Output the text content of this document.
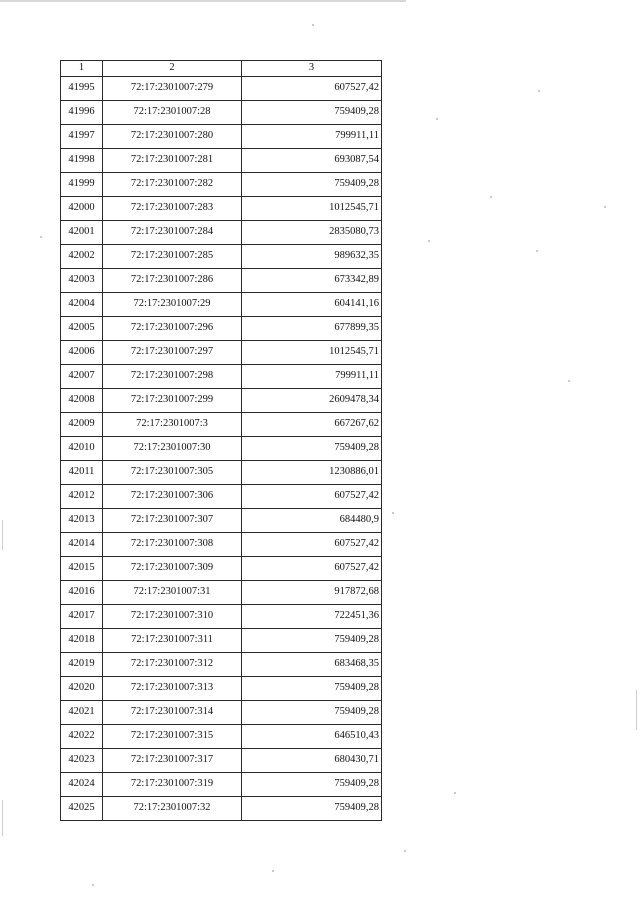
1	2	3
41995	72:17:2301007:279	607527,42
41996	72:17:2301007:28	759409,28
41997	72:17:2301007:280	799911,11
41998	72:17:2301007:281	693087,54
41999	72:17:2301007:282	759409,28
42000	72:17:2301007:283	1012545,71
42001	72:17:2301007:284	2835080,73
42002	72:17:2301007:285	989632,35
42003	72:17:2301007:286	673342,89
42004	72:17:2301007:29	604141,16
42005	72:17:2301007:296	677899,35
42006	72:17:2301007:297	1012545,71
42007	72:17:2301007:298	799911,11
42008	72:17:2301007:299	2609478,34
42009	72:17:2301007:3	667267,62
42010	72:17:2301007:30	759409,28
42011	72:17:2301007:305	1230886,01
42012	72:17:2301007:306	607527,42
42013	72:17:2301007:307	684480,9
42014	72:17:2301007:308	607527,42
42015	72:17:2301007:309	607527,42
42016	72:17:2301007:31	917872,68
42017	72:17:2301007:310	722451,36
42018	72:17:2301007:311	759409,28
42019	72:17:2301007:312	683468,35
42020	72:17:2301007:313	759409,28
42021	72:17:2301007:314	759409,28
42022	72:17:2301007:315	646510,43
42023	72:17:2301007:317	680430,71
42024	72:17:2301007:319	759409,28
42025	72:17:2301007:32	759409,28
